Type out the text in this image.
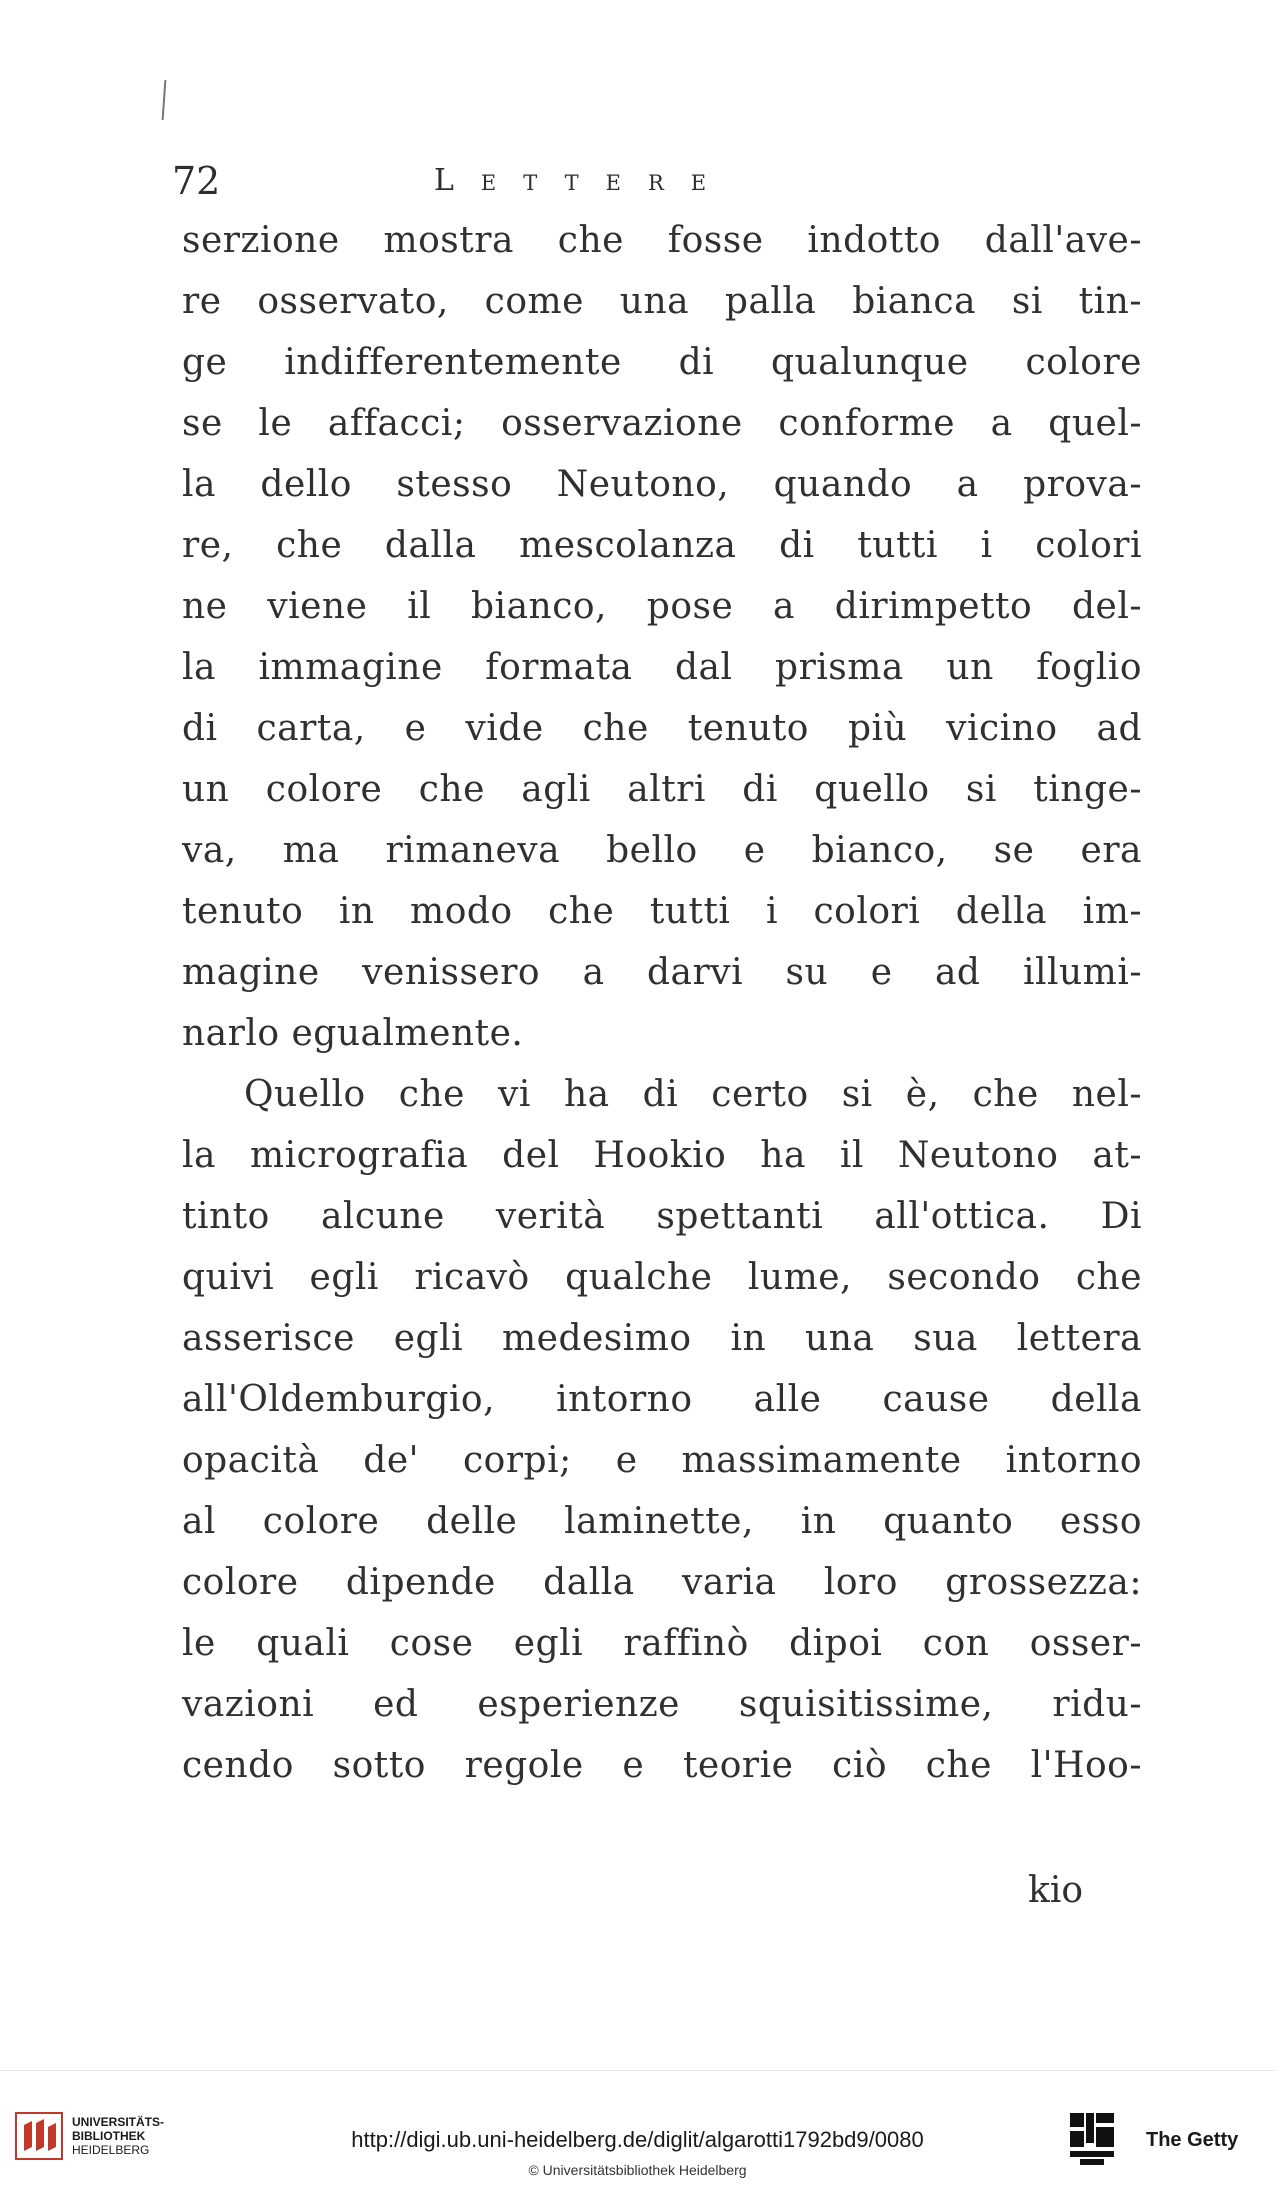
72	Lettere
serzione mostra che fosse indotto dall'ave-
re osservato, come una palla bianca si tin-
ge indifferentemente di qualunque colore
se le affacci; osservazione conforme a quel-
la dello stesso Neutono, quando a prova-
re, che dalla mescolanza di tutti i colori
ne viene il bianco, pose a dirimpetto del-
la immagine formata dal prisma un foglio
di carta, e vide che tenuto più vicino ad
un colore che agli altri di quello si tinge-
va, ma rimaneva bello e bianco, se era
tenuto in modo che tutti i colori della im-
magine venissero a darvi su e ad illumi-
narlo egualmente.
Quello che vi ha di certo si è, che nel-
la micrografia del Hookio ha il Neutono at-
tinto alcune verità spettanti all'ottica. Di
quivi egli ricavò qualche lume, secondo che
asserisce egli medesimo in una sua lettera
all'Oldemburgio, intorno alle cause della
opacità de' corpi; e massimamente intorno
al colore delle laminette, in quanto esso
colore dipende dalla varia loro grossezza:
le quali cose egli raffinò dipoi con osser-
vazioni ed esperienze squisitissime, ridu-
cendo sotto regole e teorie ciò che l'Hoo-
kio
UNIVERSITÄTS-
BIBLIOTHEK
HEIDELBERG	http://digi.ub.uni-heidelberg.de/diglit/algarotti1792bd9/0080
© Universitätsbibliothek Heidelberg
The Getty
